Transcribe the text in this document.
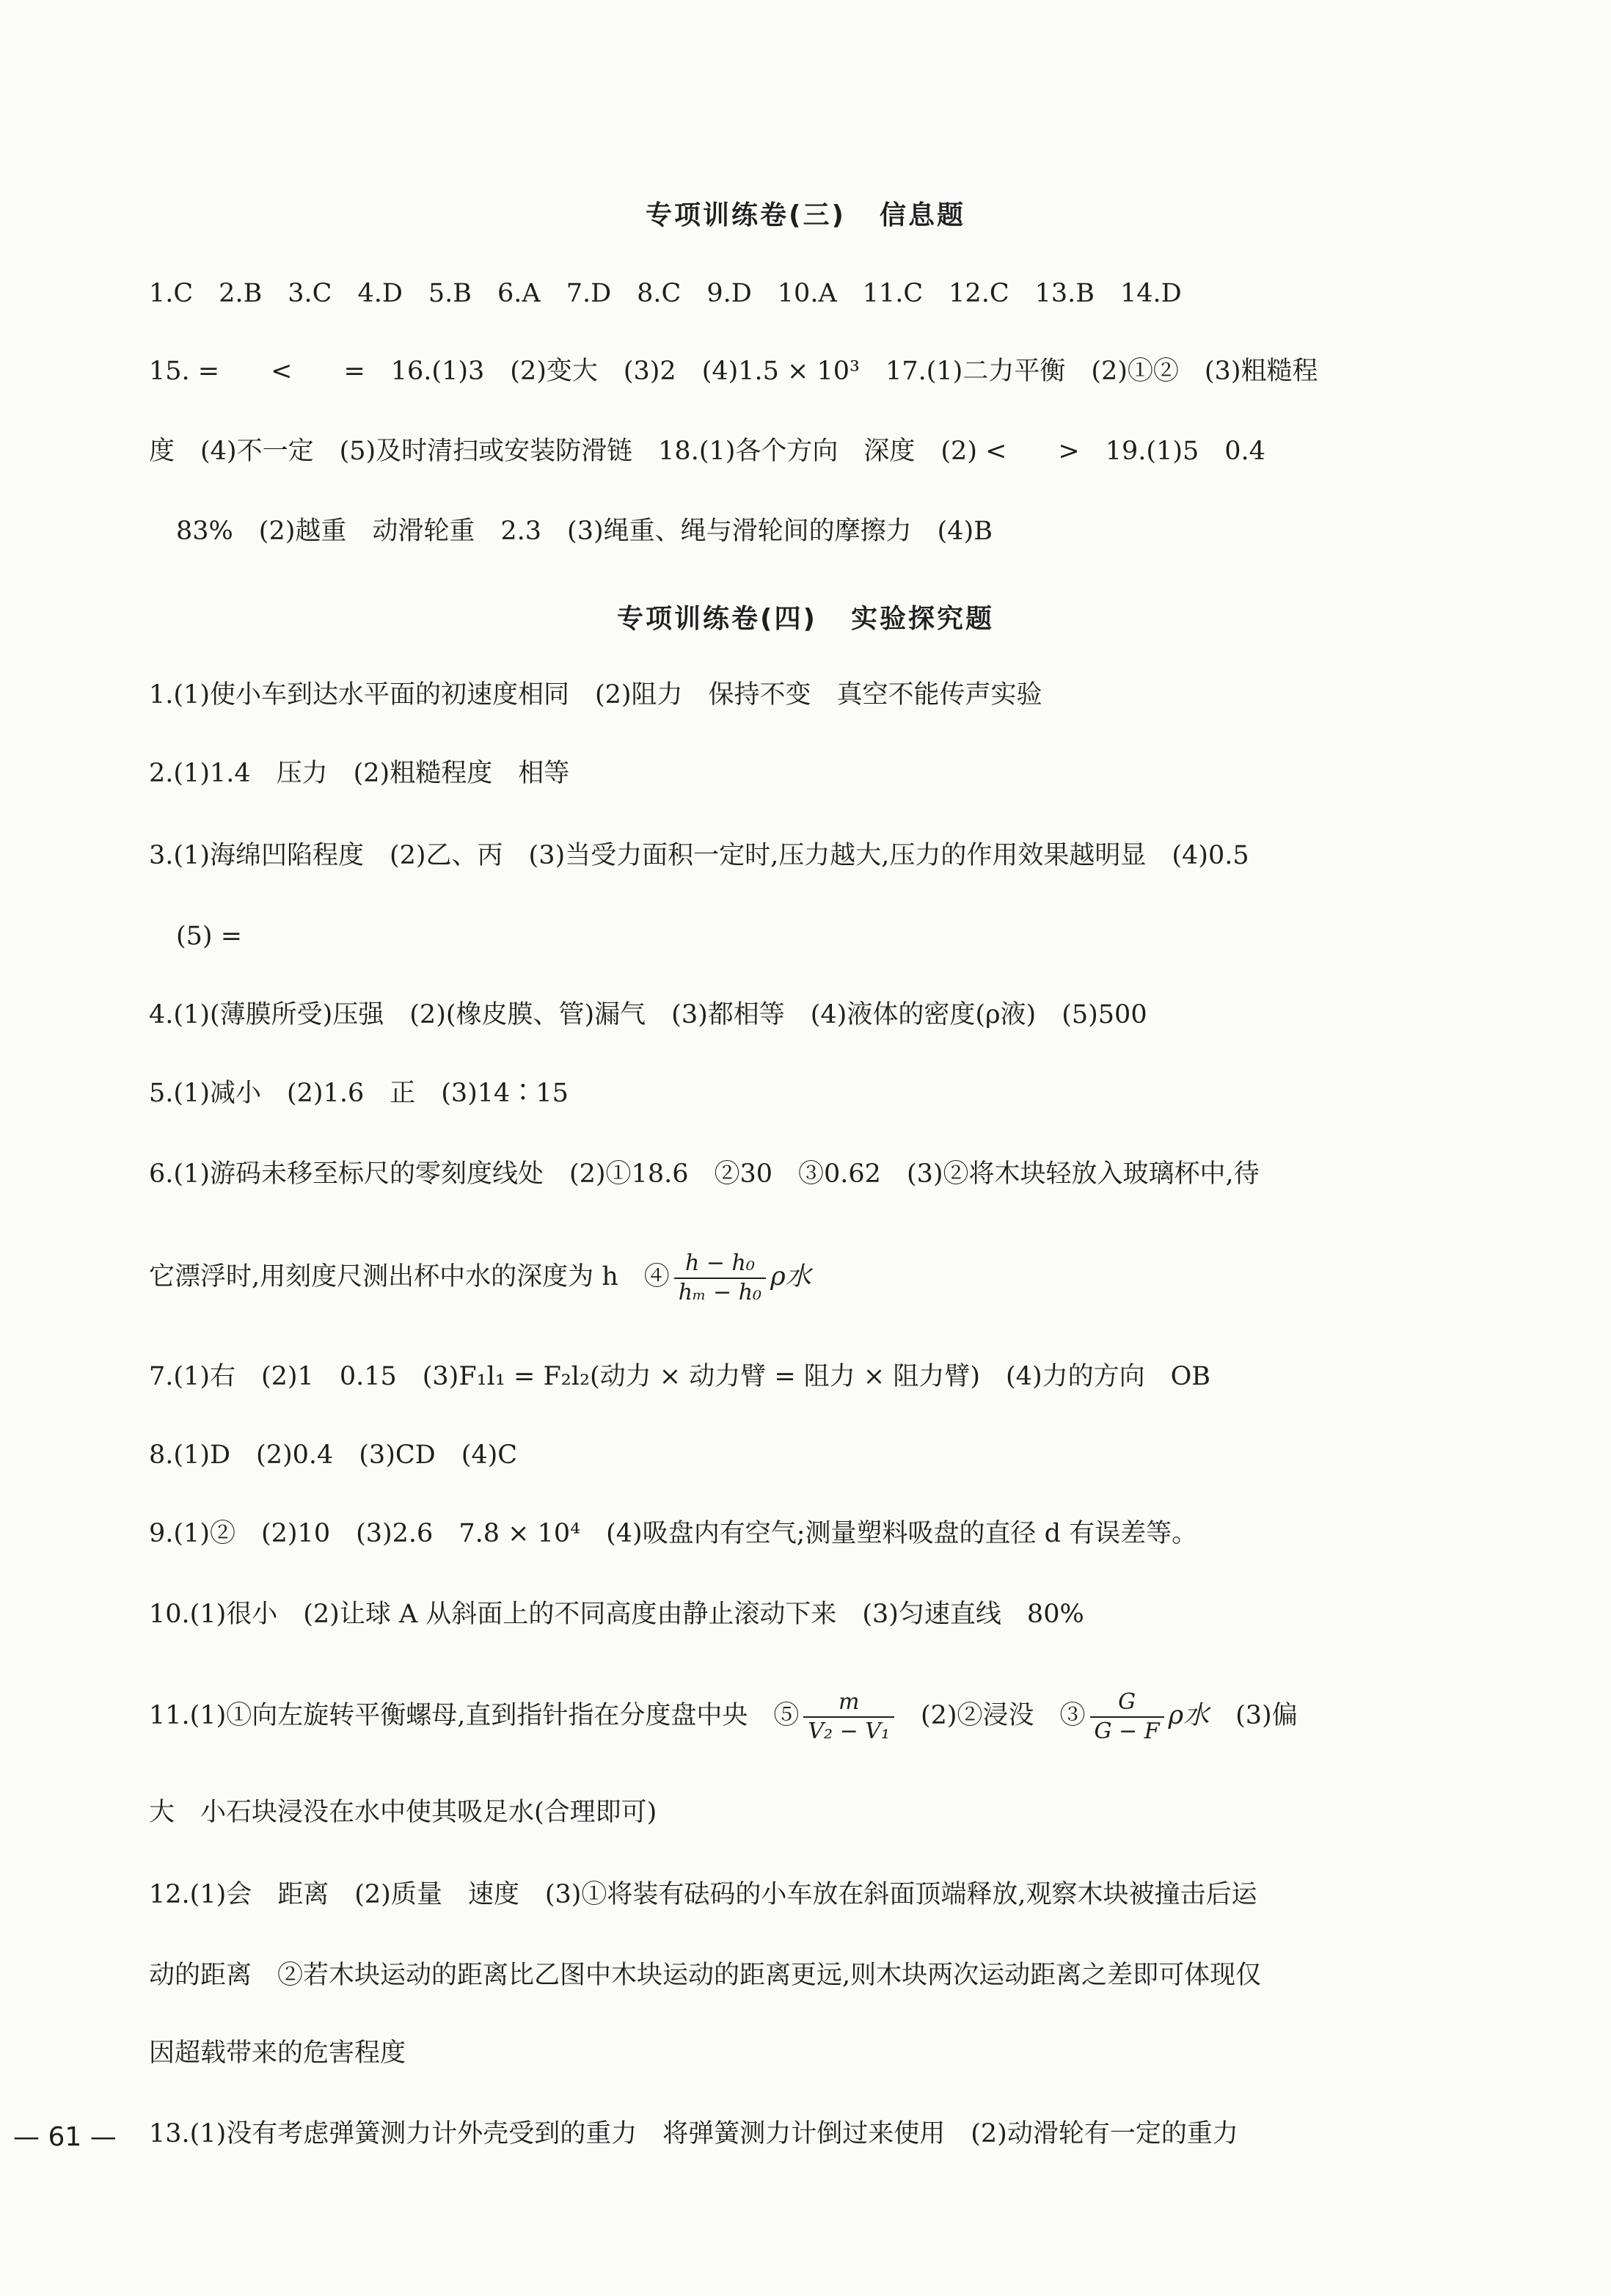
专项训练卷(三) 信息题
1.C　2.B　3.C　4.D　5.B　6.A　7.D　8.C　9.D　10.A　11.C　12.C　13.B　14.D
15. =　　<　　=　16.(1)3　(2)变大　(3)2　(4)1.5 × 10³　17.(1)二力平衡　(2)①②　(3)粗糙程
度　(4)不一定　(5)及时清扫或安装防滑链　18.(1)各个方向　深度　(2) <　　>　19.(1)5　0.4
83%　(2)越重　动滑轮重　2.3　(3)绳重、绳与滑轮间的摩擦力　(4)B
专项训练卷(四) 实验探究题
1.(1)使小车到达水平面的初速度相同　(2)阻力　保持不变　真空不能传声实验
2.(1)1.4　压力　(2)粗糙程度　相等
3.(1)海绵凹陷程度　(2)乙、丙　(3)当受力面积一定时,压力越大,压力的作用效果越明显　(4)0.5
(5) =
4.(1)(薄膜所受)压强　(2)(橡皮膜、管)漏气　(3)都相等　(4)液体的密度(ρ液)　(5)500
5.(1)减小　(2)1.6　正　(3)14∶15
6.(1)游码未移至标尺的零刻度线处　(2)①18.6　②30　③0.62　(3)②将木块轻放入玻璃杯中,待
它漂浮时,用刻度尺测出杯中水的深度为 h　④ $\frac{\text{h − h₀}}{\text{hₘ − h₀}}$ ρ水
7.(1)右　(2)1　0.15　(3)F₁l₁ = F₂l₂(动力 × 动力臂 = 阻力 × 阻力臂)　(4)力的方向　OB
8.(1)D　(2)0.4　(3)CD　(4)C
9.(1)②　(2)10　(3)2.6　7.8 × 10⁴　(4)吸盘内有空气;测量塑料吸盘的直径 d 有误差等。
10.(1)很小　(2)让球 A 从斜面上的不同高度由静止滚动下来　(3)匀速直线　80%
11.(1)①向左旋转平衡螺母,直到指针指在分度盘中央　⑤ $\frac{m}{\text{V₂ − V₁}}$ (2)②浸没　③ $\frac{G}{G - F}$ ρ水 (3)偏
大　小石块浸没在水中使其吸足水(合理即可)
12.(1)会　距离　(2)质量　速度　(3)①将装有砝码的小车放在斜面顶端释放,观察木块被撞击后运
动的距离　②若木块运动的距离比乙图中木块运动的距离更远,则木块两次运动距离之差即可体现仅
因超载带来的危害程度
13.(1)没有考虑弹簧测力计外壳受到的重力　将弹簧测力计倒过来使用　(2)动滑轮有一定的重力
— 61 —
